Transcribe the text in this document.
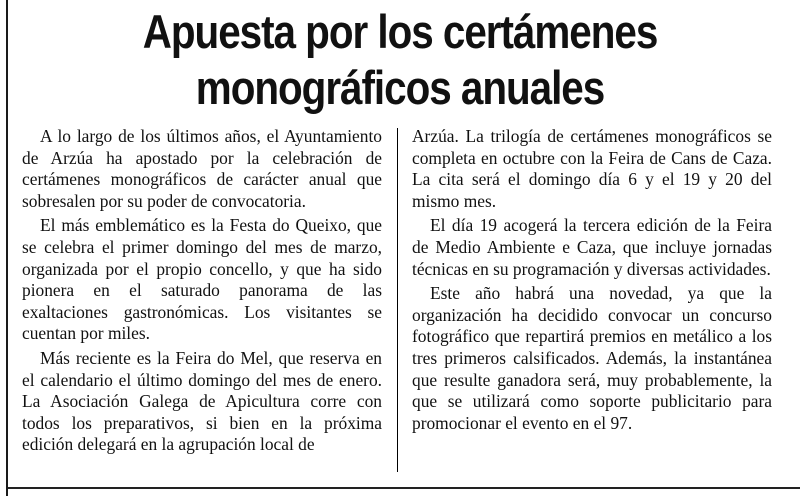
Apuesta por los certámenes
monográficos anuales

A lo largo de los últimos años, el Ayuntamiento de Arzúa ha apostado por la celebración de certámenes monográficos de carácter anual que sobresalen por su poder de convocatoria.

El más emblemático es la Festa do Queixo, que se celebra el primer domingo del mes de marzo, organizada por el propio concello, y que ha sido pionera en el saturado panorama de las exaltaciones gastronómicas. Los visitantes se cuentan por miles.

Más reciente es la Feira do Mel, que reserva en el calendario el último domingo del mes de enero. La Asociación Galega de Apicultura corre con todos los preparativos, si bien en la próxima edición delegará en la agrupación local de

Arzúa. La trilogía de certámenes monográficos se completa en octubre con la Feira de Cans de Caza. La cita será el domingo día 6 y el 19 y 20 del mismo mes.

El día 19 acogerá la tercera edición de la Feira de Medio Ambiente e Caza, que incluye jornadas técnicas en su programación y diversas actividades.

Este año habrá una novedad, ya que la organización ha decidido convocar un concurso fotográfico que repartirá premios en metálico a los tres primeros calsificados. Además, la instantánea que resulte ganadora será, muy probablemente, la que se utilizará como soporte publicitario para promocionar el evento en el 97.
